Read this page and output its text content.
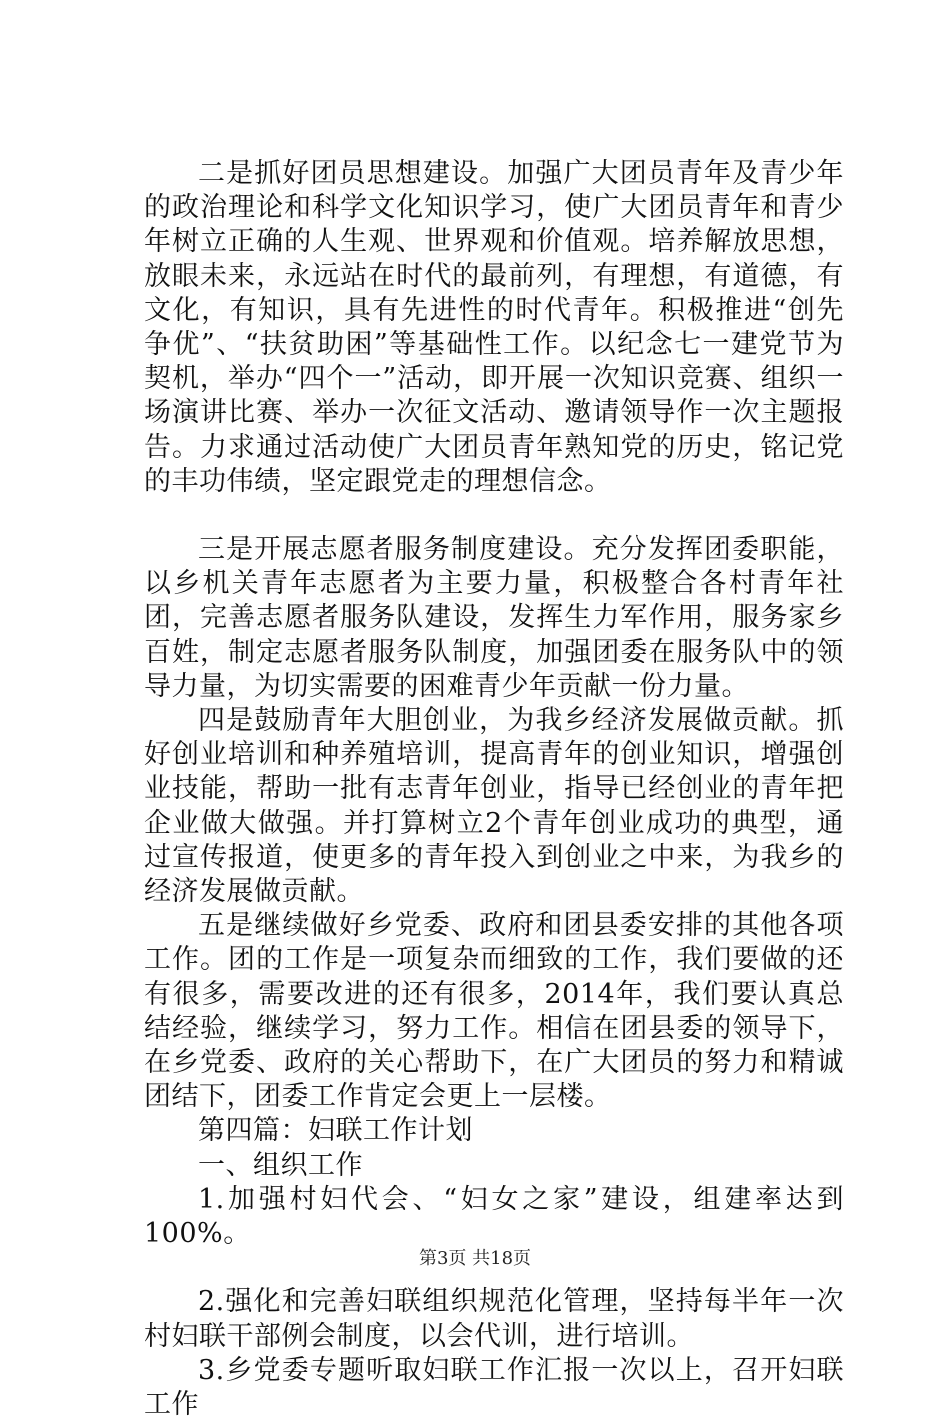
二是抓好团员思想建设。加强广大团员青年及青少年的政治理论和科学文化知识学习，使广大团员青年和青少年树立正确的人生观、世界观和价值观。培养解放思想，放眼未来，永远站在时代的最前列，有理想，有道德，有文化，有知识，具有先进性的时代青年。积极推进“创先争优”、“扶贫助困”等基础性工作。以纪念七一建党节为契机，举办“四个一”活动，即开展一次知识竞赛、组织一场演讲比赛、举办一次征文活动、邀请领导作一次主题报告。力求通过活动使广大团员青年熟知党的历史，铭记党的丰功伟绩，坚定跟党走的理想信念。

三是开展志愿者服务制度建设。充分发挥团委职能，以乡机关青年志愿者为主要力量，积极整合各村青年社团，完善志愿者服务队建设，发挥生力军作用，服务家乡百姓，制定志愿者服务队制度，加强团委在服务队中的领导力量，为切实需要的困难青少年贡献一份力量。

四是鼓励青年大胆创业，为我乡经济发展做贡献。抓好创业培训和种养殖培训，提高青年的创业知识，增强创业技能，帮助一批有志青年创业，指导已经创业的青年把企业做大做强。并打算树立2个青年创业成功的典型，通过宣传报道，使更多的青年投入到创业之中来，为我乡的经济发展做贡献。

五是继续做好乡党委、政府和团县委安排的其他各项工作。团的工作是一项复杂而细致的工作，我们要做的还有很多，需要改进的还有很多，2014年，我们要认真总结经验，继续学习，努力工作。相信在团县委的领导下，在乡党委、政府的关心帮助下，在广大团员的努力和精诚团结下，团委工作肯定会更上一层楼。

第四篇：妇联工作计划

一、组织工作

1.加强村妇代会、“妇女之家”建设，组建率达到100%。

2.强化和完善妇联组织规范化管理，坚持每半年一次村妇联干部例会制度，以会代训，进行培训。

3.乡党委专题听取妇联工作汇报一次以上，召开妇联工作

第3页 共18页
